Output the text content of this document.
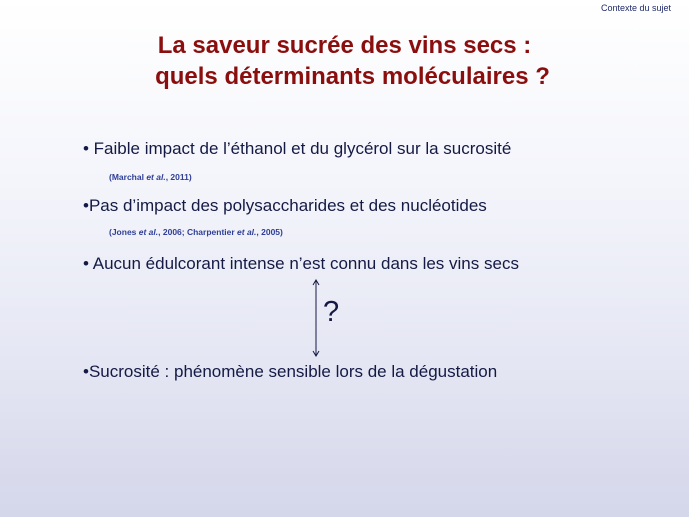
Contexte du sujet
La saveur sucrée des vins secs :
quels déterminants moléculaires ?
• Faible impact de l’éthanol et du glycérol sur la sucrosité
(Marchal et al., 2011)
•Pas d’impact des polysaccharides et des nucléotides
(Jones et al., 2006; Charpentier et al., 2005)
• Aucun édulcorant intense n’est connu dans les vins secs
?
•Sucrosité : phénomène sensible lors de la dégustation
